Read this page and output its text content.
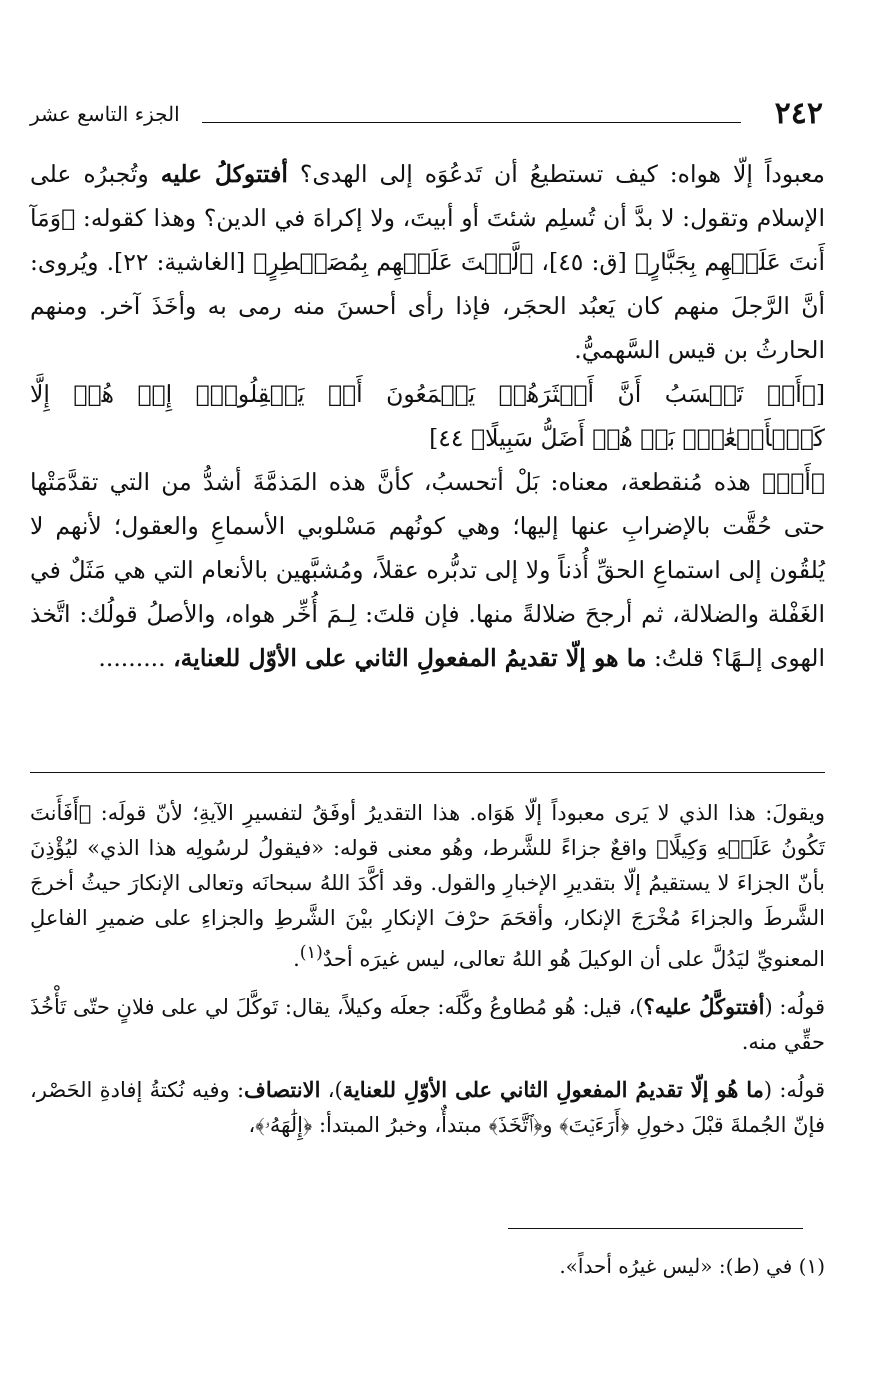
الجزء التاسع عشر	٢٤٢

معبوداً إلّا هواه: كيف تستطيعُ أن تَدعُوَه إلى الهدى؟ أفتتوكلُ عليه وتُجبرُه على الإسلام وتقول: لا بدَّ أن تُسلِم شئتَ أو أبيتَ، ولا إكراهَ في الدين؟ وهذا كقوله: ﴿وَمَآ أَنتَ عَلَيۡهِم بِجَبَّارٍ﴾ [ق: ٤٥]، ﴿لَّسۡتَ عَلَيۡهِم بِمُصَيۡطِرٍ﴾ [الغاشية: ٢٢]. ويُروى: أنَّ الرَّجلَ منهم كان يَعبُد الحجَر، فإذا رأى أحسنَ منه رمى به وأخَذَ آخر. ومنهم الحارثُ بن قيس السَّهميُّ.

[﴿أَمۡ تَحۡسَبُ أَنَّ أَكۡثَرَهُمۡ يَسۡمَعُونَ أَوۡ يَعۡقِلُونَۚ إِنۡ هُمۡ إِلَّا كَٱلۡأَنۡعَٰمِۖ بَلۡ هُمۡ أَضَلُّ سَبِيلًا﴾ ٤٤]

﴿أَمۡ﴾ هذه مُنقطعة، معناه: بَلْ أتحسبُ، كأنَّ هذه المَذمَّةَ أشدُّ من التي تقدَّمَتْها حتى حُقَّت بالإضرابِ عنها إليها؛ وهي كونُهم مَسْلوبي الأسماعِ والعقول؛ لأنهم لا يُلقُون إلى استماعِ الحقِّ أُذناً ولا إلى تدبُّره عقلاً، ومُشبَّهين بالأنعام التي هي مَثَلٌ في الغَفْلة والضلالة، ثم أرجحَ ضلالةً منها. فإن قلتَ: لِـمَ أُخِّر هواه، والأصلُ قولُك: اتَّخذ الهوى إلـهًا؟ قلتُ: ما هو إلّا تقديمُ المفعولِ الثاني على الأوّل للعناية، .........

ويقولَ: هذا الذي لا يَرى معبوداً إلّا هَوَاه. هذا التقديرُ أوفَقُ لتفسيرِ الآيةِ؛ لأنّ قولَه: ﴿أَفَأَنتَ تَكُونُ عَلَيۡهِ وَكِيلًا﴾ واقعٌ جزاءً للشَّرط، وهُو معنى قوله: «فيقولُ لرسُولِه هذا الذي» ليُؤْذِنَ بأنّ الجزاءَ لا يستقيمُ إلّا بتقديرِ الإخبارِ والقول. وقد أكَّدَ اللهُ سبحانَه وتعالى الإنكارَ حيثُ أخرجَ الشَّرطَ والجزاءَ مُخْرَجَ الإنكار، وأقحَمَ حرْفَ الإنكارِ بيْنَ الشَّرطِ والجزاءِ على ضميرِ الفاعلِ المعنويِّ ليَدُلَّ على أن الوكيلَ هُو اللهُ تعالى، ليس غيرَه أحدٌ$^{(١)}$.

قولُه: (أفتتوكَّلُ عليه؟)، قيل: هُو مُطاوعُ وكَّلَه: جعلَه وكيلاً، يقال: تَوكَّلَ لي على فلانٍ حتّى تَأْخُذَ حقِّي منه.

قولُه: (ما هُو إلّا تقديمُ المفعولِ الثاني على الأوّلِ للعناية)، الانتصاف: وفيه نُكتةُ إفادةِ الحَصْر، فإنّ الجُملةَ قبْلَ دخولِ ﴿أَرَءَيۡتَ﴾ و﴿ٱتَّخَذَ﴾ مبتدأٌ، وخبرُ المبتدأ: ﴿إِلَٰهَهُۥ﴾،

(١) في (ط): «ليس غيرُه أحداً».
